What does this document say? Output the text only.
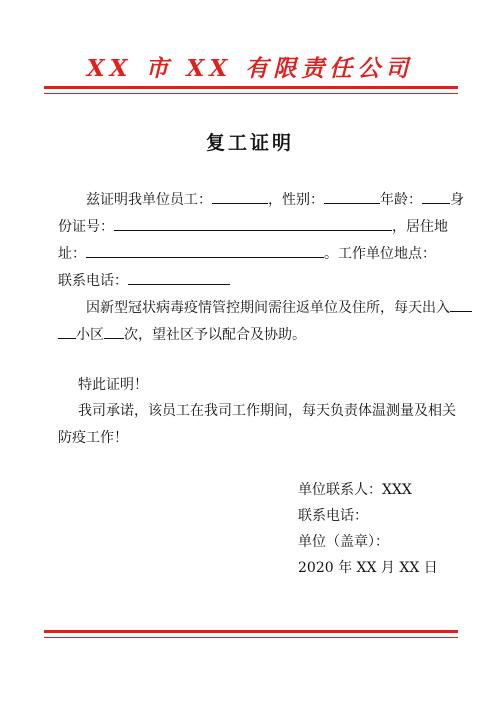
XX 市 XX 有限责任公司
复工证明
兹证明我单位员工：	，性别：	年龄： 身
份证号：	，居住地
址：	。工作单位地点：
联系电话：
因新型冠状病毒疫情管控期间需往返单位及住所，每天出入
小区 次，望社区予以配合及协助。
特此证明！
我司承诺，该员工在我司工作期间，每天负责体温测量及相关
防疫工作！
单位联系人：XXX
联系电话：
单位（盖章）：
2020 年 XX 月 XX 日
